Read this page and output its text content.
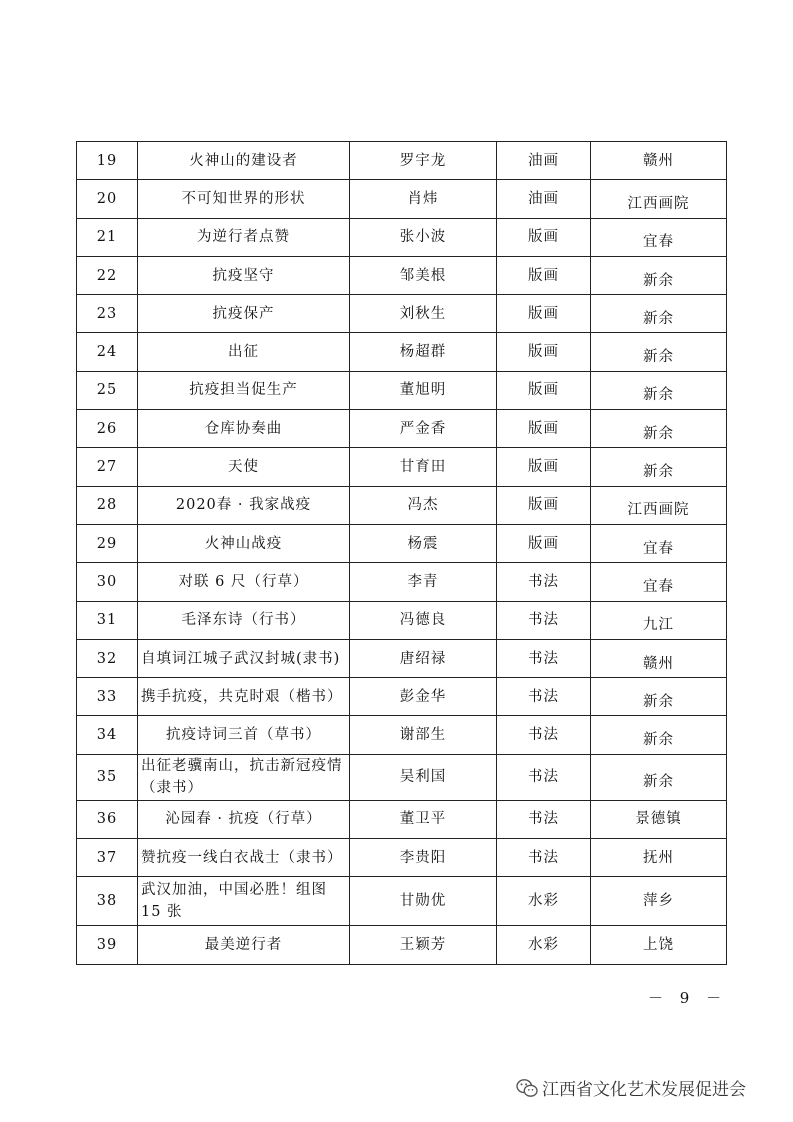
19	火神山的建设者	罗宇龙	油画	赣州
20	不可知世界的形状	肖炜	油画	江西画院
21	为逆行者点赞	张小波	版画	宜春
22	抗疫坚守	邹美根	版画	新余
23	抗疫保产	刘秋生	版画	新余
24	出征	杨超群	版画	新余
25	抗疫担当促生产	董旭明	版画	新余
26	仓库协奏曲	严金香	版画	新余
27	天使	甘育田	版画	新余
28	2020春 · 我家战疫	冯杰	版画	江西画院
29	火神山战疫	杨震	版画	宜春
30	对联 6 尺（行草）	李青	书法	宜春
31	毛泽东诗（行书）	冯德良	书法	九江
32	自填词江城子武汉封城(隶书)	唐绍禄	书法	赣州
33	携手抗疫，共克时艰（楷书）	彭金华	书法	新余
34	抗疫诗词三首（草书）	谢部生	书法	新余
35	出征老骥南山，抗击新冠疫情（隶书）	吴利国	书法	新余
36	沁园春 · 抗疫（行草）	董卫平	书法	景德镇
37	赞抗疫一线白衣战士（隶书）	李贵阳	书法	抚州
38	武汉加油，中国必胜！组图 15 张	甘勋优	水彩	萍乡
39	最美逆行者	王颖芳	水彩	上饶
－ 9 －
江西省文化艺术发展促进会
